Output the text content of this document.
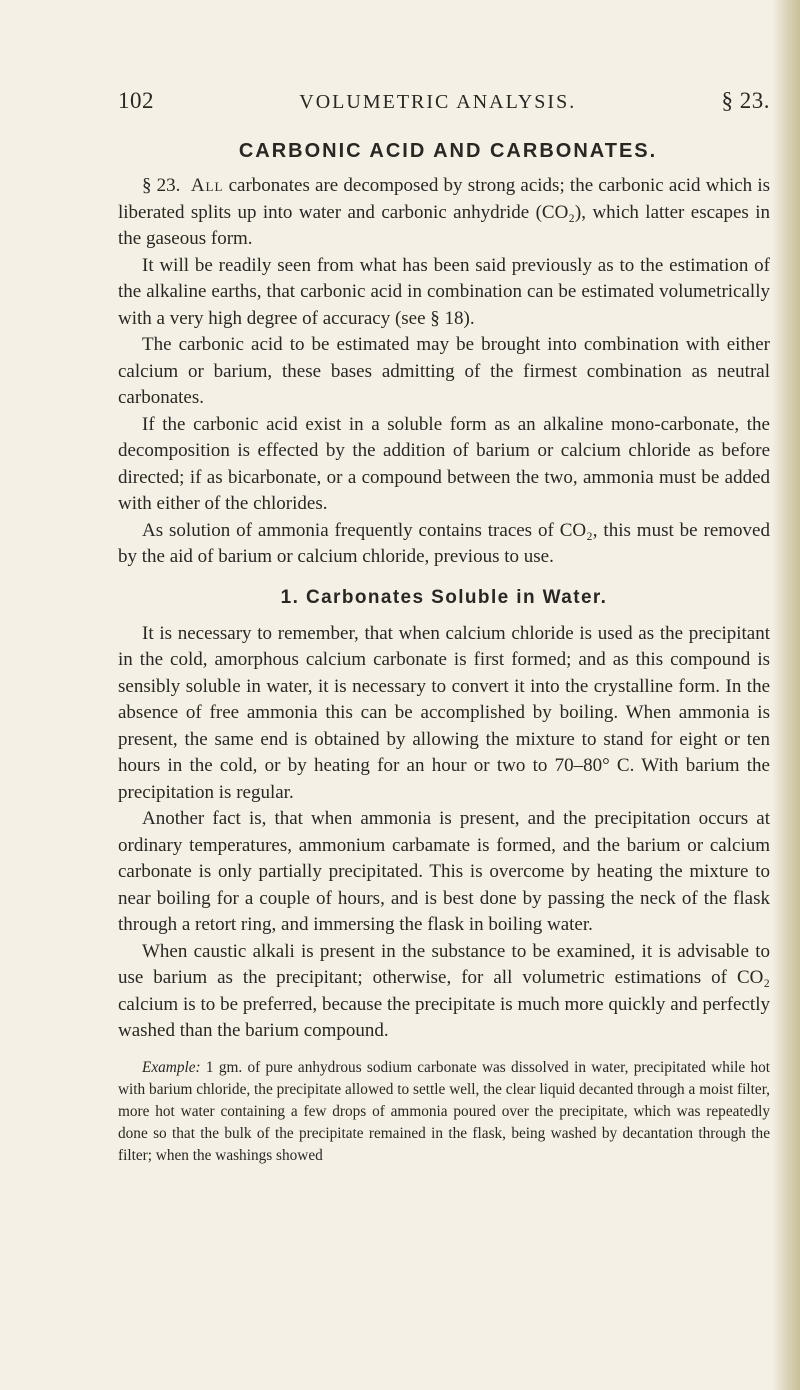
102	VOLUMETRIC ANALYSIS.	§ 23.
CARBONIC ACID AND CARBONATES.

§ 23. All carbonates are decomposed by strong acids; the carbonic acid which is liberated splits up into water and carbonic anhydride (CO₂), which latter escapes in the gaseous form.

It will be readily seen from what has been said previously as to the estimation of the alkaline earths, that carbonic acid in combination can be estimated volumetrically with a very high degree of accuracy (see § 18).

The carbonic acid to be estimated may be brought into combination with either calcium or barium, these bases admitting of the firmest combination as neutral carbonates.

If the carbonic acid exist in a soluble form as an alkaline mono-carbonate, the decomposition is effected by the addition of barium or calcium chloride as before directed; if as bicarbonate, or a compound between the two, ammonia must be added with either of the chlorides.

As solution of ammonia frequently contains traces of CO₂, this must be removed by the aid of barium or calcium chloride, previous to use.

1. Carbonates Soluble in Water.

It is necessary to remember, that when calcium chloride is used as the precipitant in the cold, amorphous calcium carbonate is first formed; and as this compound is sensibly soluble in water, it is necessary to convert it into the crystalline form. In the absence of free ammonia this can be accomplished by boiling. When ammonia is present, the same end is obtained by allowing the mixture to stand for eight or ten hours in the cold, or by heating for an hour or two to 70–80° C. With barium the precipitation is regular.

Another fact is, that when ammonia is present, and the precipitation occurs at ordinary temperatures, ammonium carbamate is formed, and the barium or calcium carbonate is only partially precipitated. This is overcome by heating the mixture to near boiling for a couple of hours, and is best done by passing the neck of the flask through a retort ring, and immersing the flask in boiling water.

When caustic alkali is present in the substance to be examined, it is advisable to use barium as the precipitant; otherwise, for all volumetric estimations of CO₂ calcium is to be preferred, because the precipitate is much more quickly and perfectly washed than the barium compound.

Example: 1 gm. of pure anhydrous sodium carbonate was dissolved in water, precipitated while hot with barium chloride, the precipitate allowed to settle well, the clear liquid decanted through a moist filter, more hot water containing a few drops of ammonia poured over the precipitate, which was repeatedly done so that the bulk of the precipitate remained in the flask, being washed by decantation through the filter; when the washings showed
